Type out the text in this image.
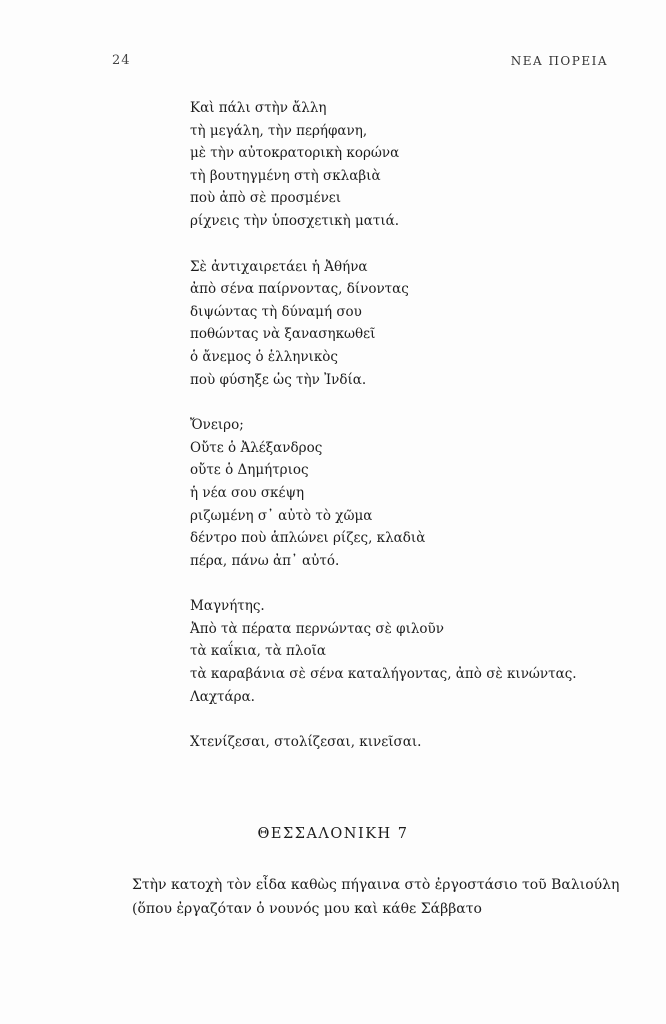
24	ΝΕΑ ΠΟΡΕΙΑ
Καὶ πάλι στὴν ἄλλη
τὴ μεγάλη, τὴν περήφανη,
μὲ τὴν αὐτοκρατορικὴ κορώνα
τὴ βουτηγμένη στὴ σκλαβιὰ
ποὺ ἀπὸ σὲ προσμένει
ρίχνεις τὴν ὑποσχετικὴ ματιά.
Σὲ ἀντιχαιρετάει ἡ Ἀθήνα
ἀπὸ σένα παίρνοντας, δίνοντας
διψώντας τὴ δύναμή σου
ποθώντας νὰ ξανασηκωθεῖ
ὁ ἄνεμος ὁ ἑλληνικὸς
ποὺ φύσηξε ὡς τὴν Ἰνδία.
Ὄνειρο;
Οὔτε ὁ Ἀλέξανδρος
οὔτε ὁ Δημήτριος
ἡ νέα σου σκέψη
ριζωμένη σ᾽ αὐτὸ τὸ χῶμα
δέντρο ποὺ ἁπλώνει ρίζες, κλαδιὰ
πέρα, πάνω ἀπ᾽ αὐτό.
Μαγνήτης.
Ἀπὸ τὰ πέρατα περνώντας σὲ φιλοῦν
τὰ καΐκια, τὰ πλοῖα
τὰ καραβάνια σὲ σένα καταλήγοντας, ἀπὸ σὲ κινώντας.
Λαχτάρα.
Χτενίζεσαι, στολίζεσαι, κινεῖσαι.
ΘΕΣΣΑΛΟΝΙΚΗ 7
Στὴν κατοχὴ τὸν εἶδα καθὼς πήγαινα στὸ ἐργοστάσιο τοῦ Βαλιούλη
(ὅπου ἐργαζόταν ὁ νουνός μου καὶ κάθε Σάββατο
